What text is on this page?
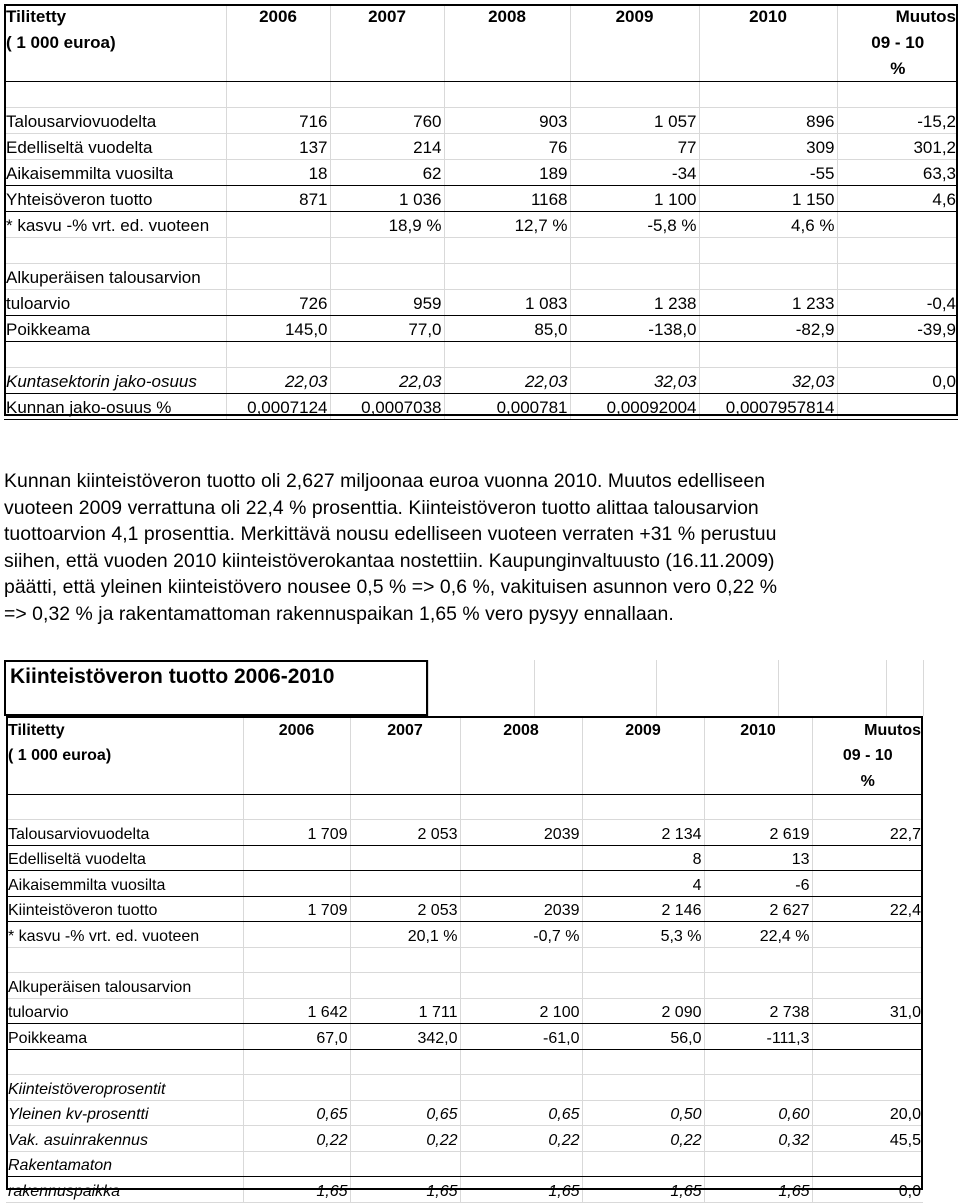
Tilitetty	2006	2007	2008	2009	2010	Muutos
( 1 000 euroa)						09 - 10
						%

Talousarviovuodelta	716	760	903	1 057	896	-15,2
Edelliseltä vuodelta	137	214	76	77	309	301,2
Aikaisemmilta vuosilta	18	62	189	-34	-55	63,3
Yhteisöveron tuotto	871	1 036	1168	1 100	1 150	4,6
* kasvu -% vrt. ed. vuoteen		18,9 %	12,7 %	-5,8 %	4,6 %	

Alkuperäisen talousarvion						
tuloarvio	726	959	1 083	1 238	1 233	-0,4
Poikkeama	145,0	77,0	85,0	-138,0	-82,9	-39,9

Kuntasektorin jako-osuus	22,03	22,03	22,03	32,03	32,03	0,0
Kunnan jako-osuus %	0,0007124	0,0007038	0,000781	0,00092004	0,0007957814	

Kunnan kiinteistöveron tuotto oli 2,627 miljoonaa euroa vuonna 2010. Muutos edelliseen
vuoteen 2009 verrattuna oli 22,4 % prosenttia. Kiinteistöveron tuotto alittaa talousarvion
tuottoarvion 4,1 prosenttia. Merkittävä nousu edelliseen vuoteen verraten +31 % perustuu
siihen, että vuoden 2010 kiinteistöverokantaa nostettiin. Kaupunginvaltuusto (16.11.2009)
päätti, että yleinen kiinteistövero nousee 0,5 % => 0,6 %, vakituisen asunnon vero 0,22 %
=> 0,32 % ja rakentamattoman rakennuspaikan 1,65 % vero pysyy ennallaan.

Kiinteistöveron tuotto 2006-2010
Tilitetty	2006	2007	2008	2009	2010	Muutos
( 1 000 euroa)						09 - 10
						%

Talousarviovuodelta	1 709	2 053	2039	2 134	2 619	22,7
Edelliseltä vuodelta				8	13	
Aikaisemmilta vuosilta				4	-6	
Kiinteistöveron tuotto	1 709	2 053	2039	2 146	2 627	22,4
* kasvu -% vrt. ed. vuoteen		20,1 %	-0,7 %	5,3 %	22,4 %	

Alkuperäisen talousarvion						
tuloarvio	1 642	1 711	2 100	2 090	2 738	31,0
Poikkeama	67,0	342,0	-61,0	56,0	-111,3	

Kiinteistöveroprosentit						
Yleinen kv-prosentti	0,65	0,65	0,65	0,50	0,60	20,0
Vak. asuinrakennus	0,22	0,22	0,22	0,22	0,32	45,5
Rakentamaton						
rakennuspaikka	1,65	1,65	1,65	1,65	1,65	0,0
